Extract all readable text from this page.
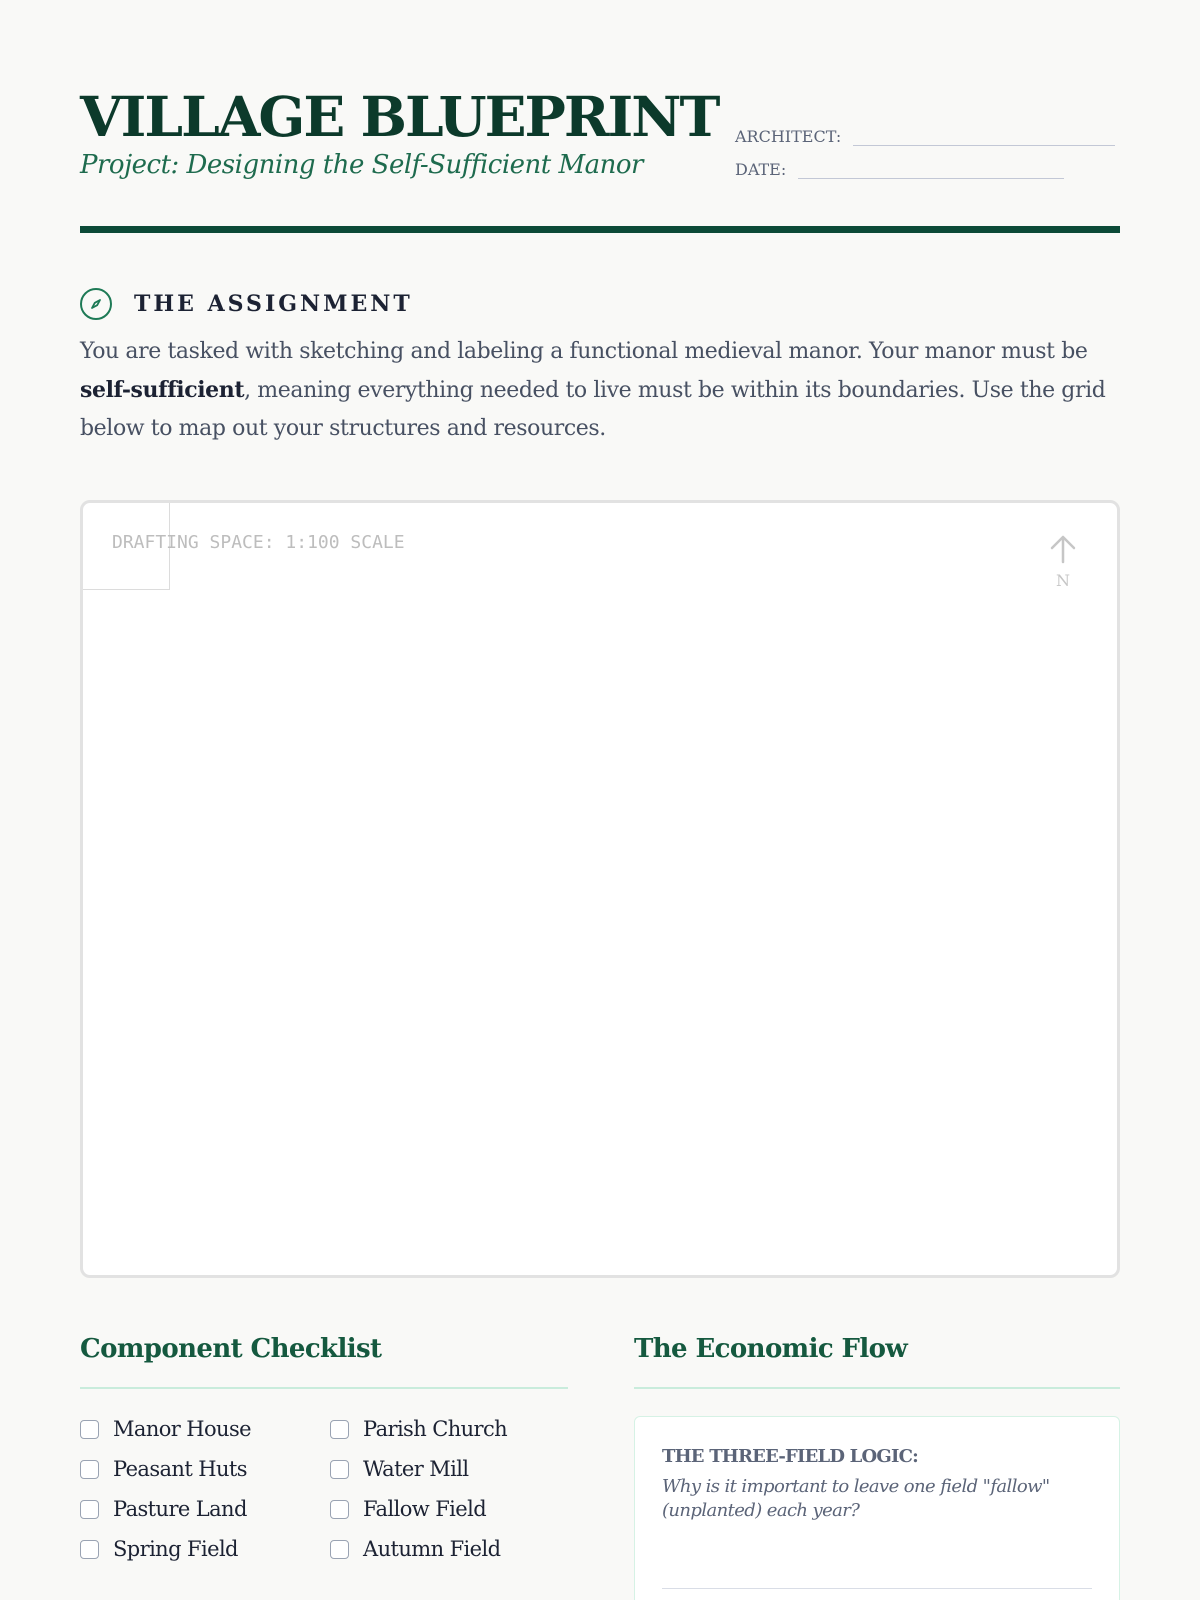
VILLAGE BLUEPRINT
Project: Designing the Self-Sufficient Manor
ARCHITECT:
DATE:
THE ASSIGNMENT

You are tasked with sketching and labeling a functional medieval manor. Your manor must be self-sufficient, meaning everything needed to live must be within its boundaries. Use the grid below to map out your structures and resources.

DRAFTING SPACE: 1:100 SCALE
N
Component Checklist
Manor House	Parish Church
Peasant Huts	Water Mill
Pasture Land	Fallow Field
Spring Field	Autumn Field
The Economic Flow
THE THREE-FIELD LOGIC:
Why is it important to leave one field "fallow" (unplanted) each year?
